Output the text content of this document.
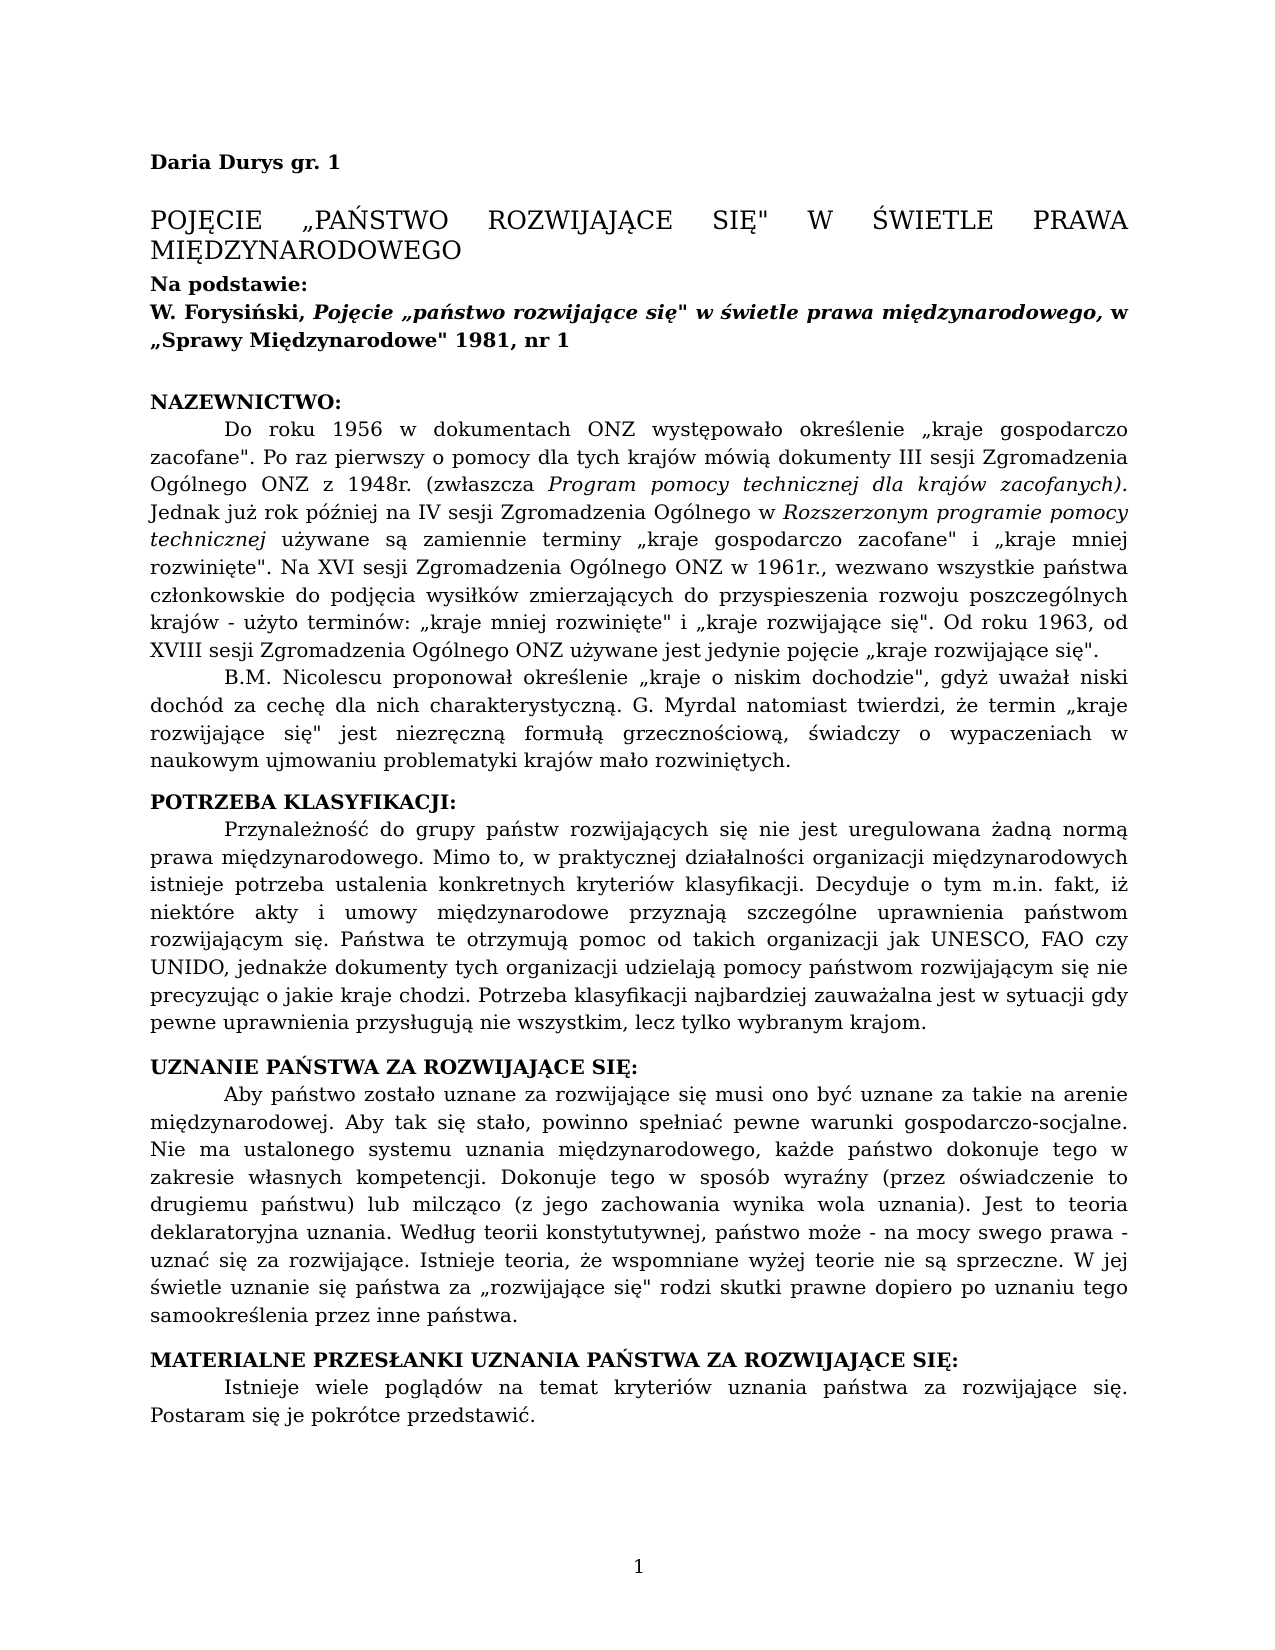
Daria Durys gr. 1
POJĘCIE „PAŃSTWO ROZWIJAJĄCE SIĘ" W ŚWIETLE PRAWA
MIĘDZYNARODOWEGO
Na podstawie:
W. Forysiński, Pojęcie „państwo rozwijające się" w świetle prawa międzynarodowego, w
„Sprawy Międzynarodowe" 1981, nr 1
NAZEWNICTWO:

Do roku 1956 w dokumentach ONZ występowało określenie „kraje gospodarczo zacofane". Po raz pierwszy o pomocy dla tych krajów mówią dokumenty III sesji Zgromadzenia Ogólnego ONZ z 1948r. (zwłaszcza Program pomocy technicznej dla krajów zacofanych). Jednak już rok później na IV sesji Zgromadzenia Ogólnego w Rozszerzonym programie pomocy technicznej używane są zamiennie terminy „kraje gospodarczo zacofane" i „kraje mniej rozwinięte". Na XVI sesji Zgromadzenia Ogólnego ONZ w 1961r., wezwano wszystkie państwa członkowskie do podjęcia wysiłków zmierzających do przyspieszenia rozwoju poszczególnych krajów - użyto terminów: „kraje mniej rozwinięte" i „kraje rozwijające się". Od roku 1963, od XVIII sesji Zgromadzenia Ogólnego ONZ używane jest jedynie pojęcie „kraje rozwijające się".

B.M. Nicolescu proponował określenie „kraje o niskim dochodzie", gdyż uważał niski dochód za cechę dla nich charakterystyczną. G. Myrdal natomiast twierdzi, że termin „kraje rozwijające się" jest niezręczną formułą grzecznościową, świadczy o wypaczeniach w naukowym ujmowaniu problematyki krajów mało rozwiniętych.

POTRZEBA KLASYFIKACJI:

Przynależność do grupy państw rozwijających się nie jest uregulowana żadną normą prawa międzynarodowego. Mimo to, w praktycznej działalności organizacji międzynarodowych istnieje potrzeba ustalenia konkretnych kryteriów klasyfikacji. Decyduje o tym m.in. fakt, iż niektóre akty i umowy międzynarodowe przyznają szczególne uprawnienia państwom rozwijającym się. Państwa te otrzymują pomoc od takich organizacji jak UNESCO, FAO czy UNIDO, jednakże dokumenty tych organizacji udzielają pomocy państwom rozwijającym się nie precyzując o jakie kraje chodzi. Potrzeba klasyfikacji najbardziej zauważalna jest w sytuacji gdy pewne uprawnienia przysługują nie wszystkim, lecz tylko wybranym krajom.

UZNANIE PAŃSTWA ZA ROZWIJAJĄCE SIĘ:

Aby państwo zostało uznane za rozwijające się musi ono być uznane za takie na arenie międzynarodowej. Aby tak się stało, powinno spełniać pewne warunki gospodarczo-socjalne. Nie ma ustalonego systemu uznania międzynarodowego, każde państwo dokonuje tego w zakresie własnych kompetencji. Dokonuje tego w sposób wyraźny (przez oświadczenie to drugiemu państwu) lub milcząco (z jego zachowania wynika wola uznania). Jest to teoria deklaratoryjna uznania. Według teorii konstytutywnej, państwo może - na mocy swego prawa - uznać się za rozwijające. Istnieje teoria, że wspomniane wyżej teorie nie są sprzeczne. W jej świetle uznanie się państwa za „rozwijające się" rodzi skutki prawne dopiero po uznaniu tego samookreślenia przez inne państwa.

MATERIALNE PRZESŁANKI UZNANIA PAŃSTWA ZA ROZWIJAJĄCE SIĘ:

Istnieje wiele poglądów na temat kryteriów uznania państwa za rozwijające się. Postaram się je pokrótce przedstawić.

1
